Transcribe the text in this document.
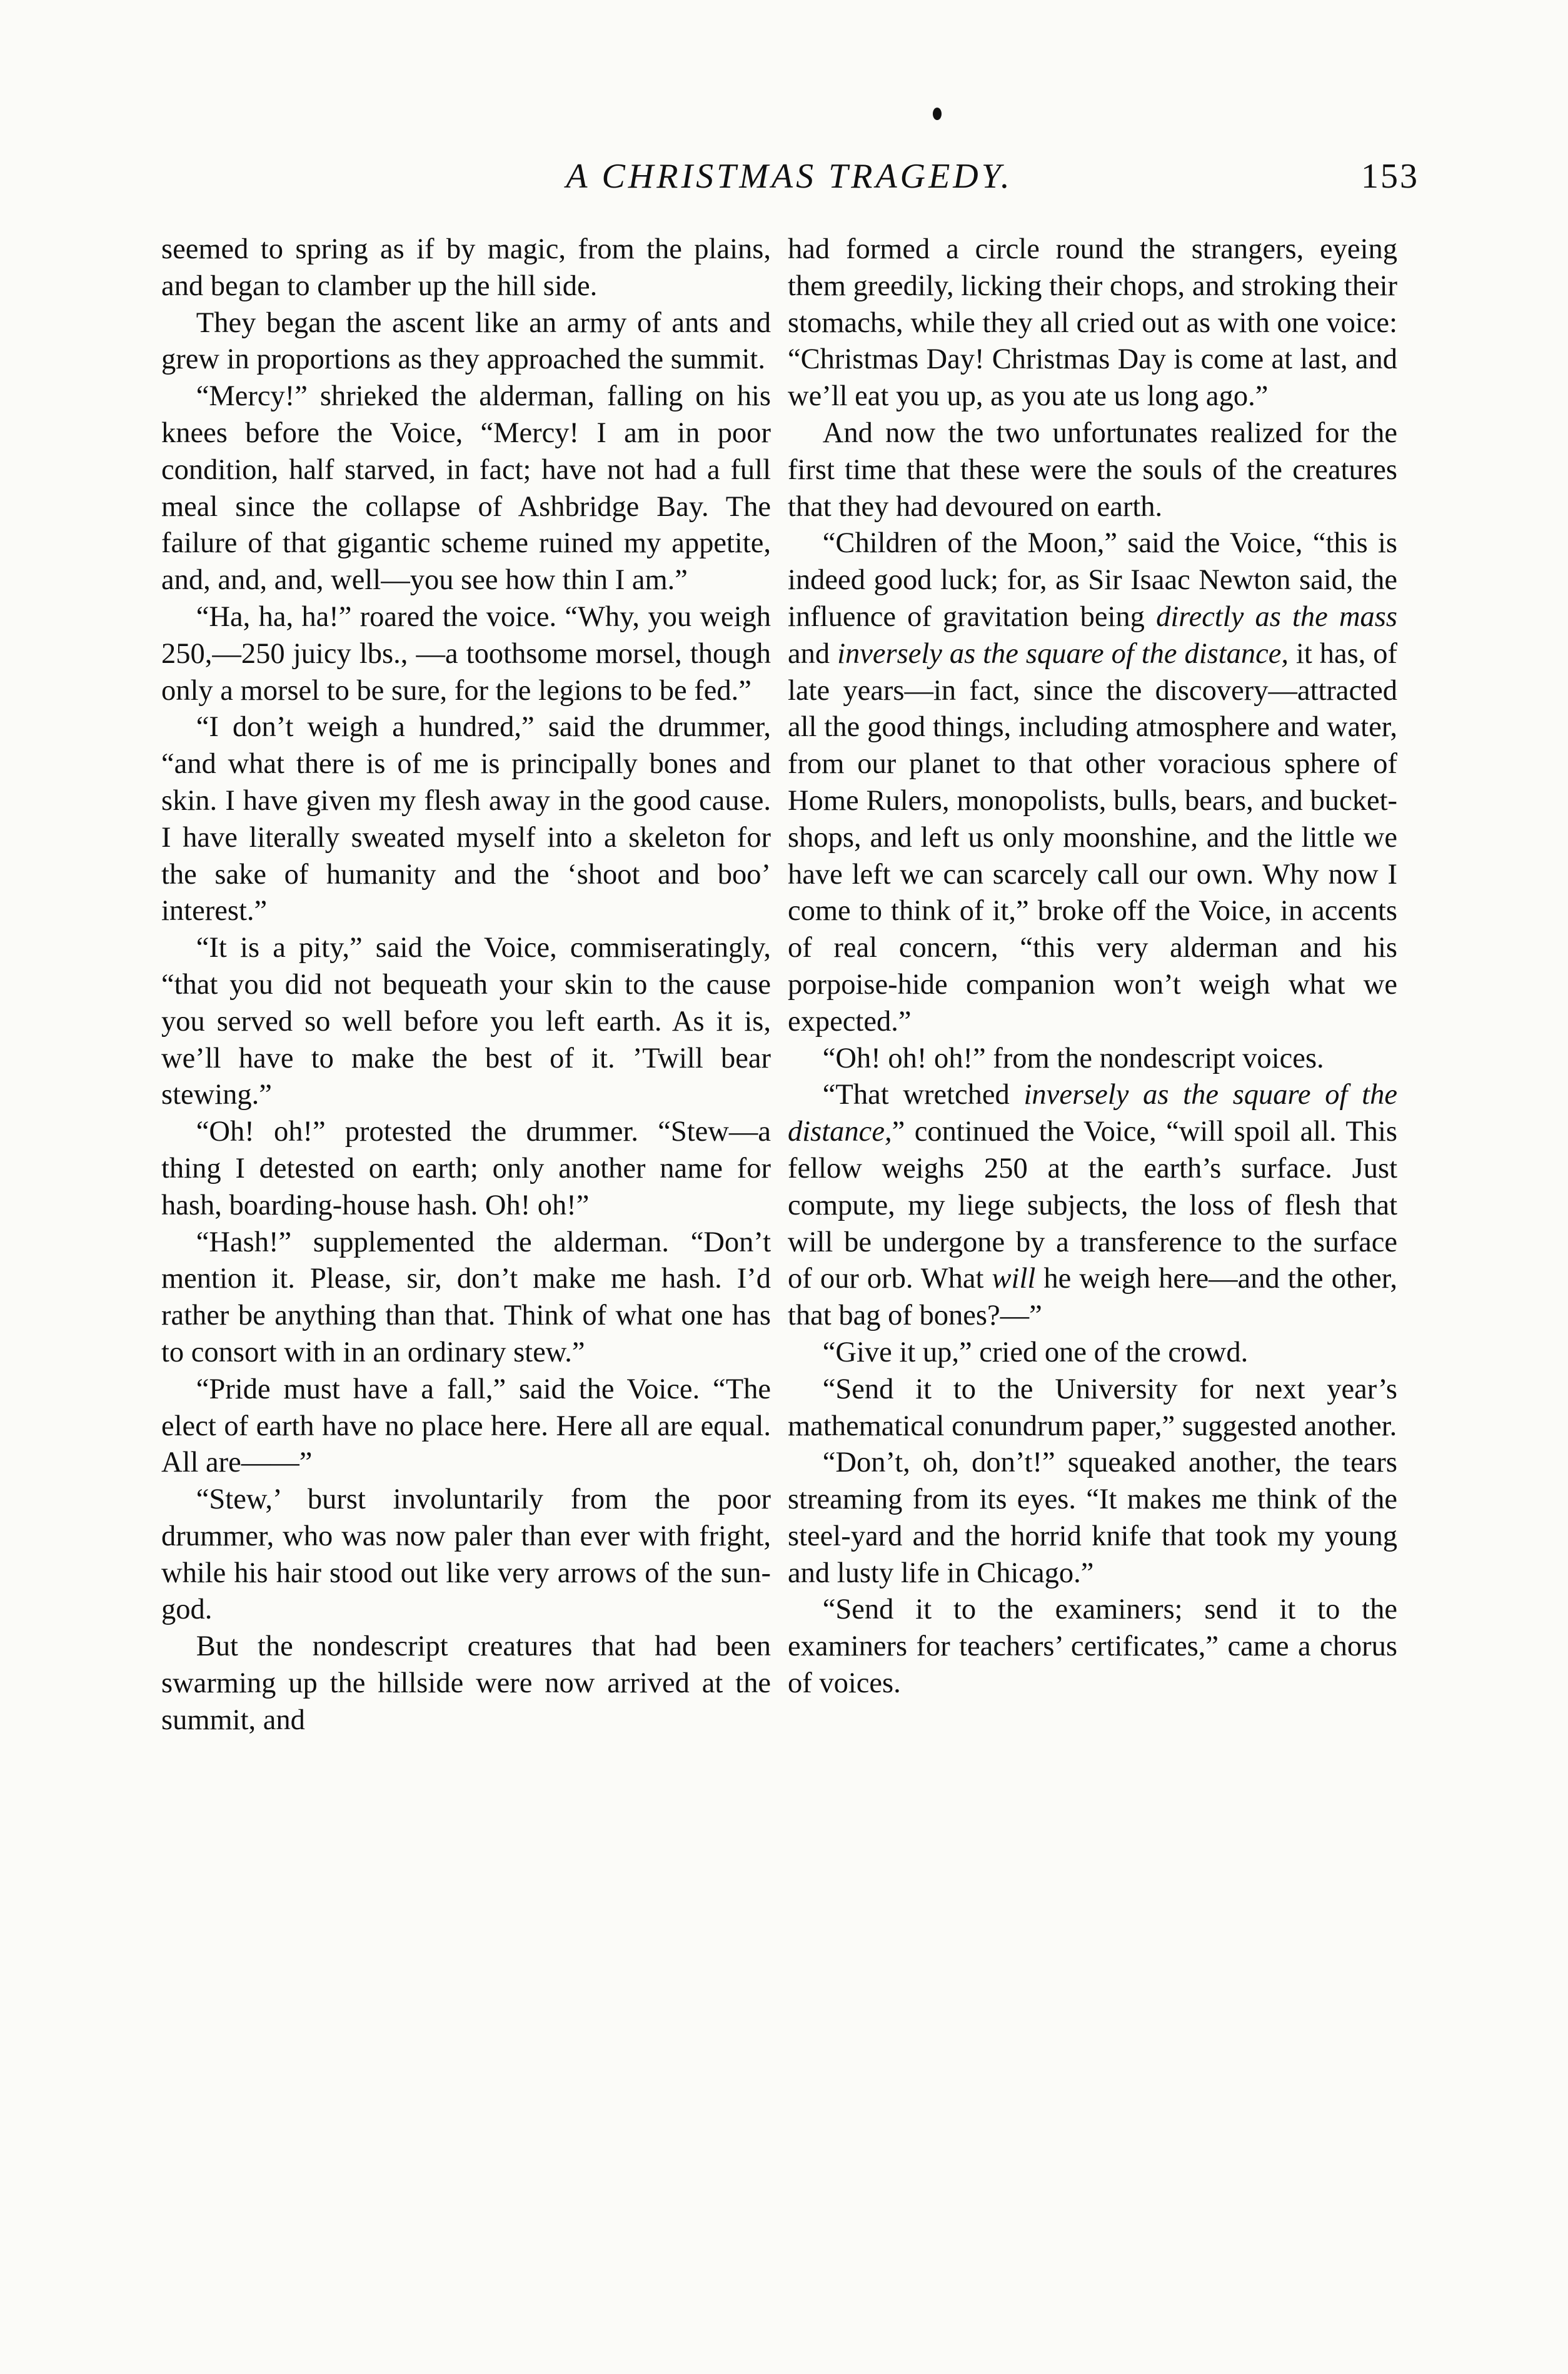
A CHRISTMAS TRAGEDY.	153

seemed to spring as if by magic, from the plains, and began to clamber up the hill side.

They began the ascent like an army of ants and grew in proportions as they approached the summit.

“Mercy!” shrieked the alderman, falling on his knees before the Voice, “Mercy! I am in poor condition, half starved, in fact; have not had a full meal since the collapse of Ashbridge Bay. The failure of that gigantic scheme ruined my appetite, and, and, and, well—you see how thin I am.”

“Ha, ha, ha!” roared the voice. “Why, you weigh 250,—250 juicy lbs., —a toothsome morsel, though only a morsel to be sure, for the legions to be fed.”

“I don’t weigh a hundred,” said the drummer, “and what there is of me is principally bones and skin. I have given my flesh away in the good cause. I have literally sweated myself into a skeleton for the sake of humanity and the ‘shoot and boo’ interest.”

“It is a pity,” said the Voice, commiseratingly, “that you did not bequeath your skin to the cause you served so well before you left earth. As it is, we’ll have to make the best of it. ’Twill bear stewing.”

“Oh! oh!” protested the drummer. “Stew—a thing I detested on earth; only another name for hash, boarding-house hash. Oh! oh!”

“Hash!” supplemented the alderman. “Don’t mention it. Please, sir, don’t make me hash. I’d rather be anything than that. Think of what one has to consort with in an ordinary stew.”

“Pride must have a fall,” said the Voice. “The elect of earth have no place here. Here all are equal. All are——”

“Stew,’ burst involuntarily from the poor drummer, who was now paler than ever with fright, while his hair stood out like very arrows of the sun-god.

But the nondescript creatures that had been swarming up the hillside were now arrived at the summit, and

had formed a circle round the strangers, eyeing them greedily, licking their chops, and stroking their stomachs, while they all cried out as with one voice: “Christmas Day! Christmas Day is come at last, and we’ll eat you up, as you ate us long ago.”

And now the two unfortunates realized for the first time that these were the souls of the creatures that they had devoured on earth.

“Children of the Moon,” said the Voice, “this is indeed good luck; for, as Sir Isaac Newton said, the influence of gravitation being directly as the mass and inversely as the square of the distance, it has, of late years—in fact, since the discovery—attracted all the good things, including atmosphere and water, from our planet to that other voracious sphere of Home Rulers, monopolists, bulls, bears, and bucket-shops, and left us only moonshine, and the little we have left we can scarcely call our own. Why now I come to think of it,” broke off the Voice, in accents of real concern, “this very alderman and his porpoise-hide companion won’t weigh what we expected.”

“Oh! oh! oh!” from the nondescript voices.

“That wretched inversely as the square of the distance,” continued the Voice, “will spoil all. This fellow weighs 250 at the earth’s surface. Just compute, my liege subjects, the loss of flesh that will be undergone by a transference to the surface of our orb. What will he weigh here—and the other, that bag of bones?—”

“Give it up,” cried one of the crowd.

“Send it to the University for next year’s mathematical conundrum paper,” suggested another.

“Don’t, oh, don’t!” squeaked another, the tears streaming from its eyes. “It makes me think of the steel-yard and the horrid knife that took my young and lusty life in Chicago.”

“Send it to the examiners; send it to the examiners for teachers’ certificates,” came a chorus of voices.
